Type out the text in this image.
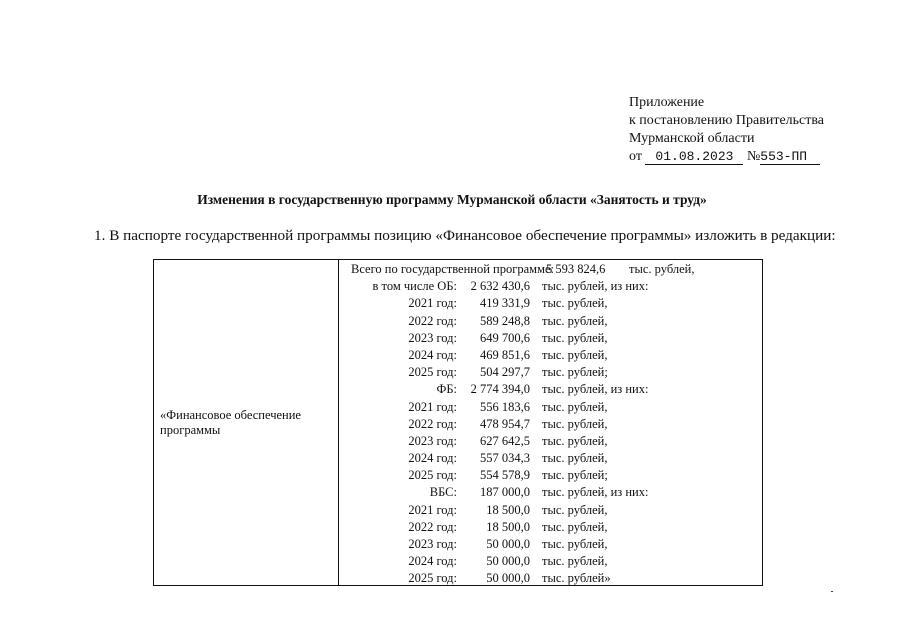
Приложение
к постановлению Правительства
Мурманской области
от 01.08.2023 №553-ПП
Изменения в государственную программу Мурманской области «Занятость и труд»
1. В паспорте государственной программы позицию «Финансовое обеспечение программы» изложить в редакции:
«Финансовое обеспечение
программы
Всего по государственной программе:
5 593 824,6 тыс. рублей,
в том числе ОБ: 2 632 430,6 тыс. рублей, из них:
2021 год: 419 331,9 тыс. рублей,
2022 год: 589 248,8 тыс. рублей,
2023 год: 649 700,6 тыс. рублей,
2024 год: 469 851,6 тыс. рублей,
2025 год: 504 297,7 тыс. рублей;
ФБ: 2 774 394,0 тыс. рублей, из них:
2021 год: 556 183,6 тыс. рублей,
2022 год: 478 954,7 тыс. рублей,
2023 год: 627 642,5 тыс. рублей,
2024 год: 557 034,3 тыс. рублей,
2025 год: 554 578,9 тыс. рублей;
ВБС: 187 000,0 тыс. рублей, из них:
2021 год: 18 500,0 тыс. рублей,
2022 год: 18 500,0 тыс. рублей,
2023 год: 50 000,0 тыс. рублей,
2024 год: 50 000,0 тыс. рублей,
2025 год: 50 000,0 тыс. рублей»
